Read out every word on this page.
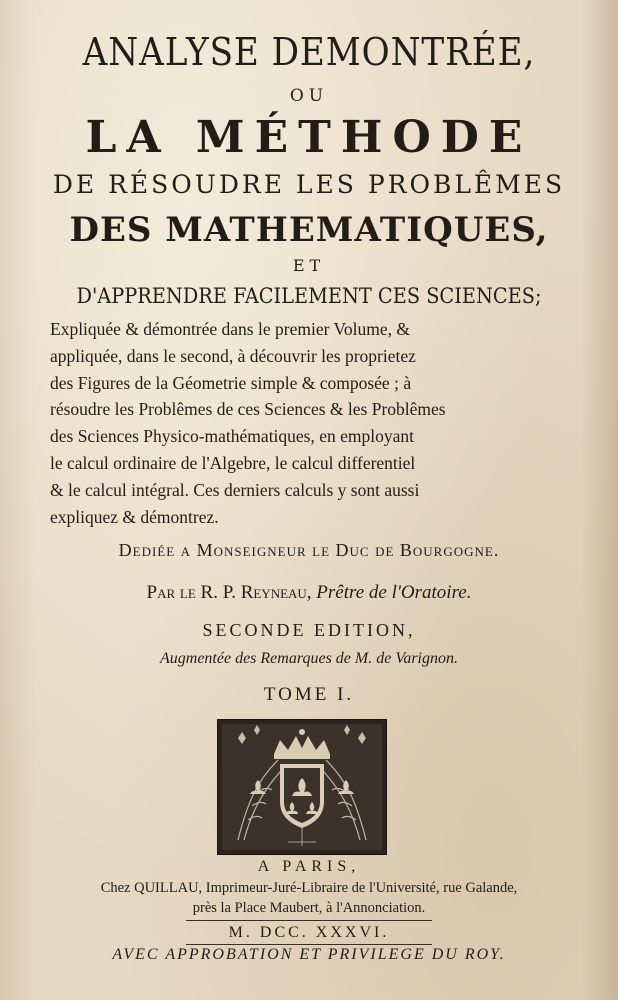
ANALYSE DEMONTRÉE,
OU
LA MÉTHODE
DE RÉSOUDRE LES PROBLÊMES
DES MATHEMATIQUES,
ET
D'APPRENDRE FACILEMENT CES SCIENCES;
Expliquée & démontrée dans le premier Volume, &
appliquée, dans le second, à découvrir les proprietez
des Figures de la Géometrie simple & composée ; à
résoudre les Problêmes de ces Sciences & les Problêmes
des Sciences Physico-mathématiques, en employant
le calcul ordinaire de l'Algebre, le calcul differentiel
& le calcul intégral. Ces derniers calculs y sont aussi
expliquez & démontrez.
Dediée a Monseigneur le Duc de Bourgogne.
Par le R. P. Reyneau, Prêtre de l'Oratoire.
SECONDE EDITION,
Augmentée des Remarques de M. de Varignon.
TOME I.
A PARIS,
Chez QUILLAU, Imprimeur-Juré-Libraire de l'Université, rue Galande,
près la Place Maubert, à l'Annonciation.
M. DCC. XXXVI.
AVEC APPROBATION ET PRIVILEGE DU ROY.
